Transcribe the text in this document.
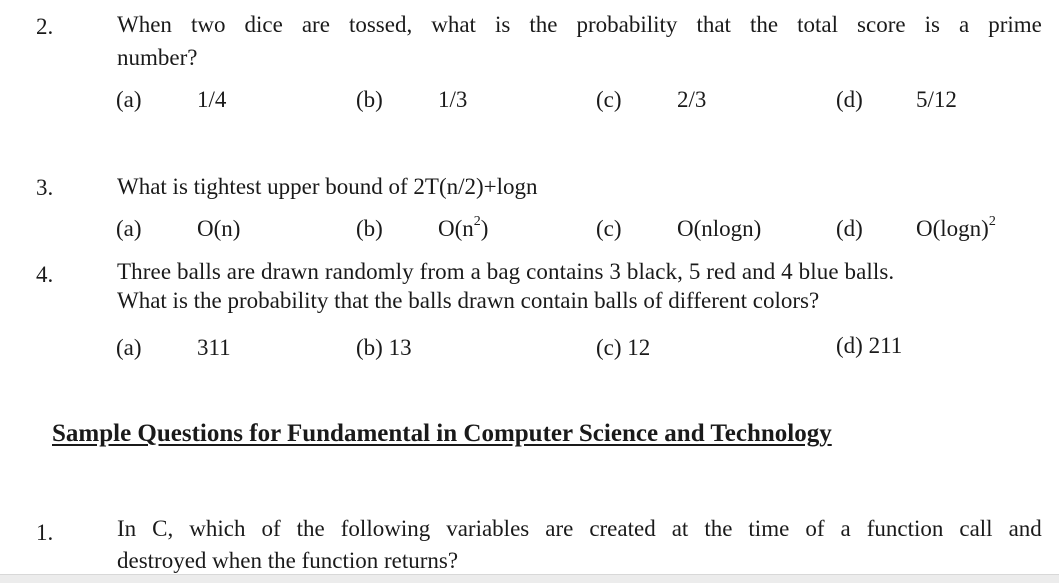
2.	When two dice are tossed, what is the probability that the total score is a prime
number?
(a) 1/4	(b) 1/3	(c) 2/3	(d) 5/12
3.	What is tightest upper bound of 2T(n/2)+logn
(a) O(n)	(b) $O(n^2)$	(c) O(nlogn)	(d) $O(\log n)^2$
4.	Three balls are drawn randomly from a bag contains 3 black, 5 red and 4 blue balls.
What is the probability that the balls drawn contain balls of different colors?
(a) 311	(b) 13	(c) 12	(d) 211
Sample Questions for Fundamental in Computer Science and Technology
1.	In C, which of the following variables are created at the time of a function call and
destroyed when the function returns?
